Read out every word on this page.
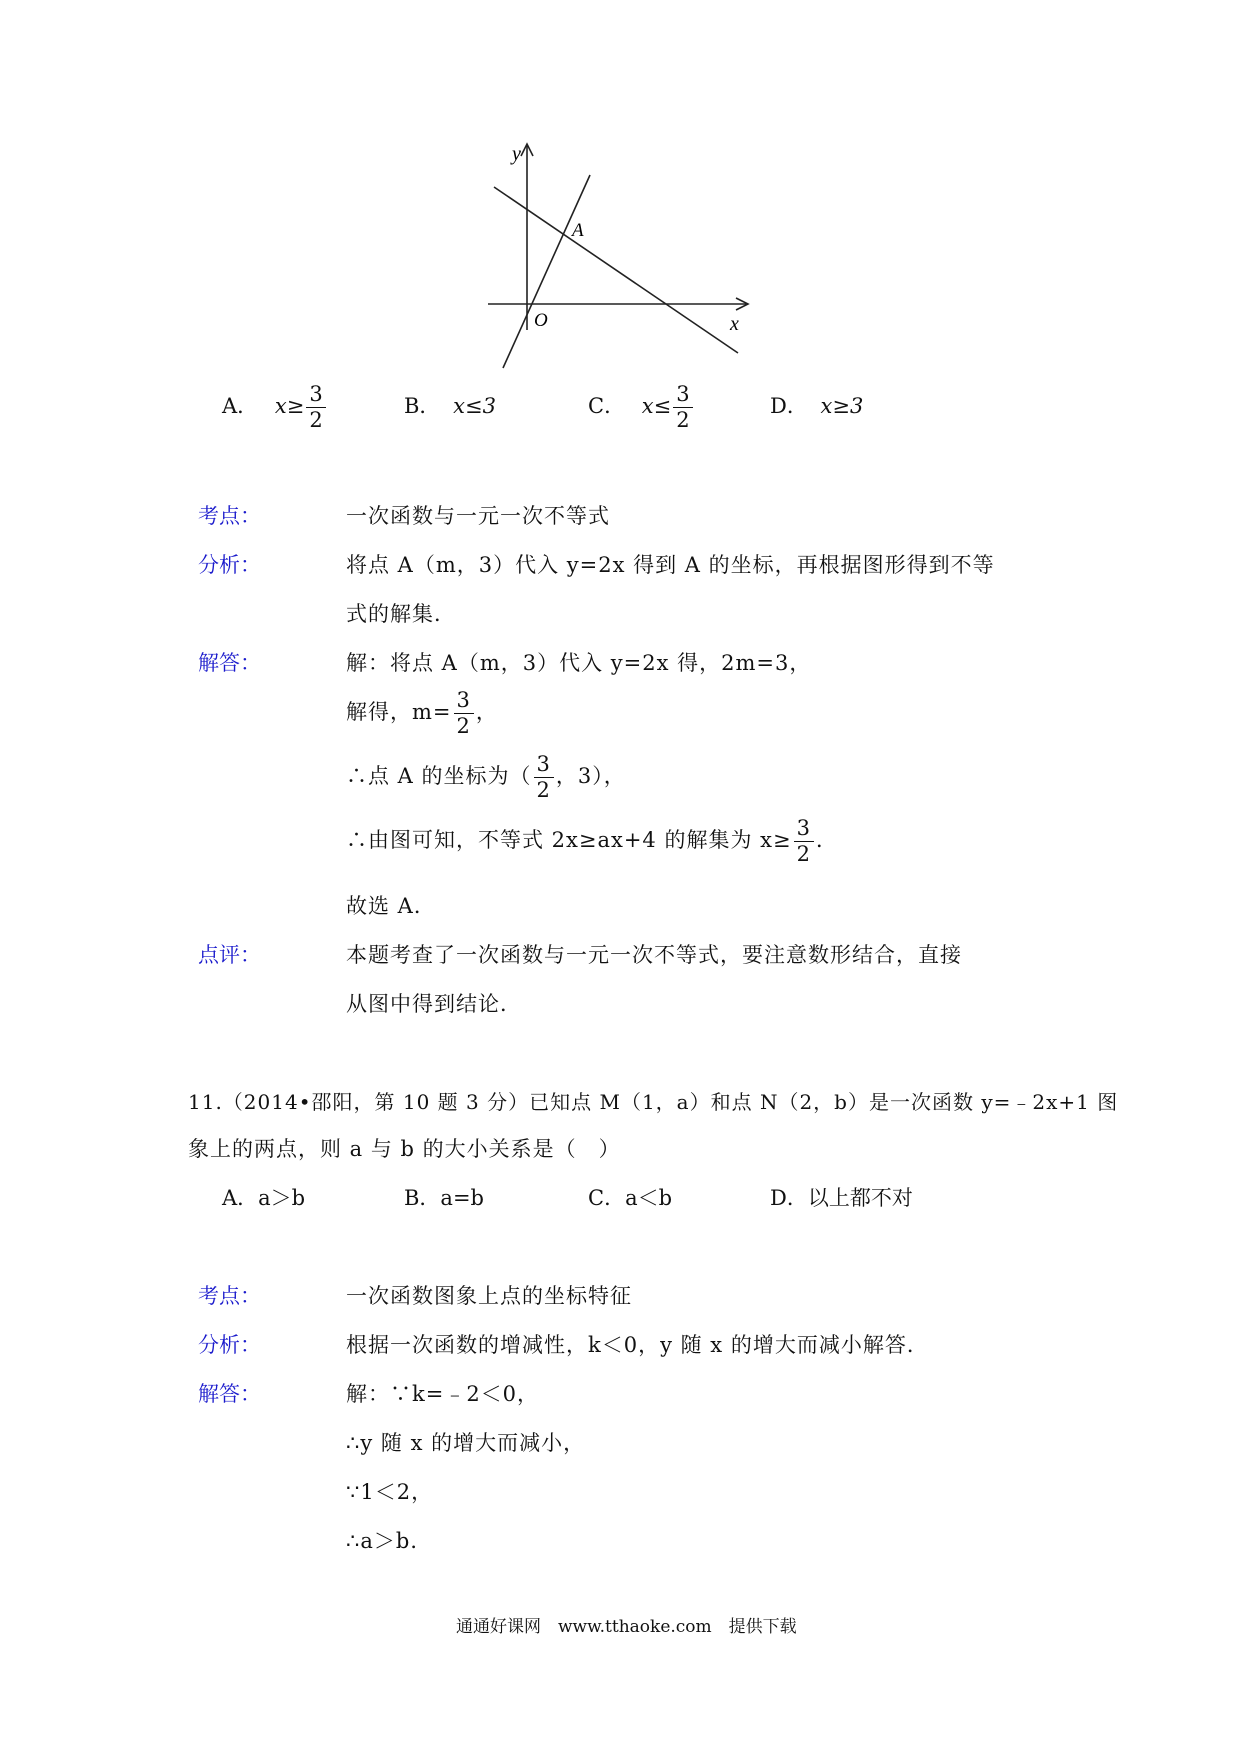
y
x
O
A
A． $x\ge \frac{3}{2}$	B． x≤3	C． $x\le \frac{3}{2}$	D． x≥3
考点：	一次函数与一元一次不等式
分析：	将点 A（m，3）代入 y=2x 得到 A 的坐标，再根据图形得到不等
式的解集．
解答：	解：将点 A（m，3）代入 y=2x 得，2m=3，
解得，$m= \frac{3}{2}$ ，
∴点 A 的坐标为（ $\frac{3}{2}$ ，3），
∴由图可知，不等式 2x≥ax+4 的解集为 $x\ge \frac{3}{2}$ ．
故选 A．
点评：	本题考查了一次函数与一元一次不等式，要注意数形结合，直接
从图中得到结论．
11.（2014•邵阳，第 10 题 3 分）已知点 M（1，a）和点 N（2，b）是一次函数 y=﹣2x+1 图
象上的两点，则 a 与 b 的大小关系是（　）
A．a＞b	B．a=b	C．a＜b	D．以上都不对
考点：	一次函数图象上点的坐标特征
分析：	根据一次函数的增减性，k＜0，y 随 x 的增大而减小解答．
解答：	解：∵k=﹣2＜0，
∴y 随 x 的增大而减小，
∵1＜2，
∴a＞b．
通通好课网　www.tthaoke.com　提供下载
